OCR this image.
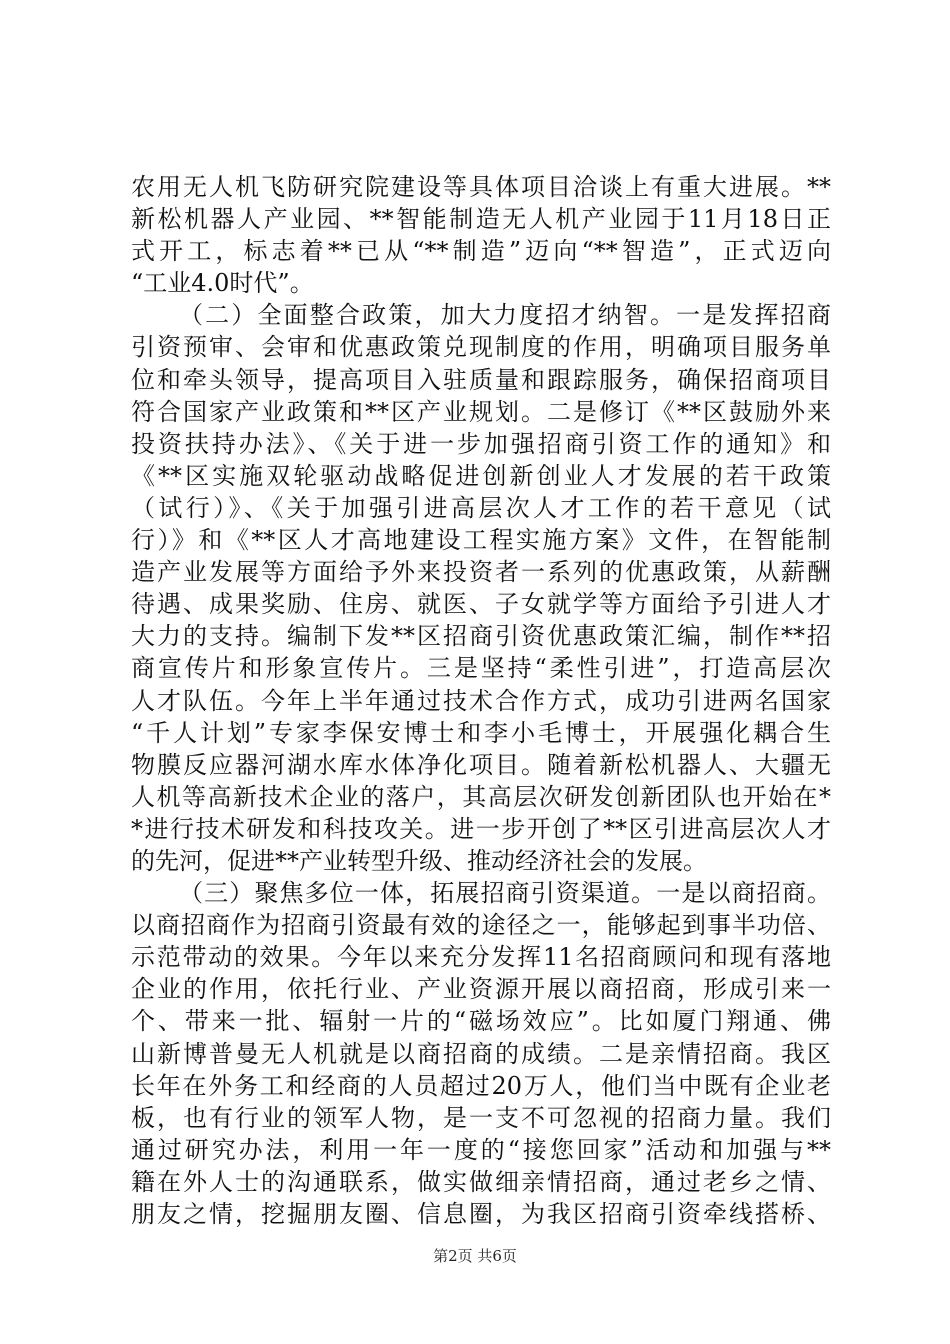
农用无人机飞防研究院建设等具体项目洽谈上有重大进展。**
新松机器人产业园、**智能制造无人机产业园于11月18日正
式开工，标志着**已从“**制造”迈向“**智造”，正式迈向
“工业4.0时代”。
（二）全面整合政策，加大力度招才纳智。一是发挥招商
引资预审、会审和优惠政策兑现制度的作用，明确项目服务单
位和牵头领导，提高项目入驻质量和跟踪服务，确保招商项目
符合国家产业政策和**区产业规划。二是修订《**区鼓励外来
投资扶持办法》、《关于进一步加强招商引资工作的通知》和
《**区实施双轮驱动战略促进创新创业人才发展的若干政策
（试行）》、《关于加强引进高层次人才工作的若干意见（试
行）》和《**区人才高地建设工程实施方案》文件，在智能制
造产业发展等方面给予外来投资者一系列的优惠政策，从薪酬
待遇、成果奖励、住房、就医、子女就学等方面给予引进人才
大力的支持。编制下发**区招商引资优惠政策汇编，制作**招
商宣传片和形象宣传片。三是坚持“柔性引进”，打造高层次
人才队伍。今年上半年通过技术合作方式，成功引进两名国家
“千人计划”专家李保安博士和李小毛博士，开展强化耦合生
物膜反应器河湖水库水体净化项目。随着新松机器人、大疆无
人机等高新技术企业的落户，其高层次研发创新团队也开始在*
*进行技术研发和科技攻关。进一步开创了**区引进高层次人才
的先河，促进**产业转型升级、推动经济社会的发展。
（三）聚焦多位一体，拓展招商引资渠道。一是以商招商。
以商招商作为招商引资最有效的途径之一，能够起到事半功倍、
示范带动的效果。今年以来充分发挥11名招商顾问和现有落地
企业的作用，依托行业、产业资源开展以商招商，形成引来一
个、带来一批、辐射一片的“磁场效应”。比如厦门翔通、佛
山新博普曼无人机就是以商招商的成绩。二是亲情招商。我区
长年在外务工和经商的人员超过20万人，他们当中既有企业老
板，也有行业的领军人物，是一支不可忽视的招商力量。我们
通过研究办法，利用一年一度的“接您回家”活动和加强与**
籍在外人士的沟通联系，做实做细亲情招商，通过老乡之情、
朋友之情，挖掘朋友圈、信息圈，为我区招商引资牵线搭桥、
第2页 共6页
